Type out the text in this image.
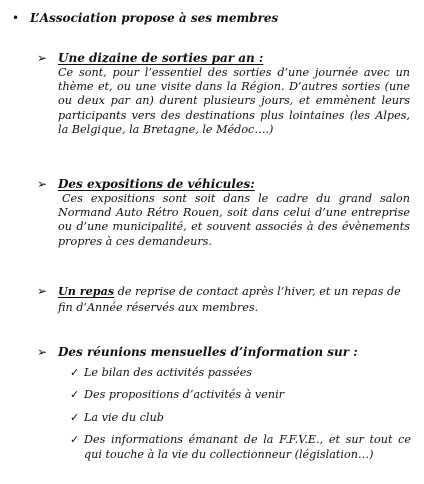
• L’Association propose à ses membres
➢ Une dizaine de sorties par an :
Ce sont, pour l’essentiel des sorties d’une journée avec un thème et, ou une visite dans la Région. D’autres sorties (une ou deux par an) durent plusieurs jours, et emmènent leurs participants vers des destinations plus lointaines (les Alpes, la Belgique, la Bretagne, le Médoc….)
➢ Des expositions de véhicules:
Ces expositions sont soit dans le cadre du grand salon Normand Auto Rétro Rouen, soit dans celui d’une entreprise ou d’une municipalité, et souvent associés à des évènements propres à ces demandeurs.
➢ Un repas de reprise de contact après l’hiver, et un repas de fin d’Année réservés aux membres.
➢ Des réunions mensuelles d’information sur :
✓ Le bilan des activités passées
✓ Des propositions d’activités à venir
✓ La vie du club
✓ Des informations émanant de la F.F.V.E., et sur tout ce qui touche à la vie du collectionneur (législation…)
